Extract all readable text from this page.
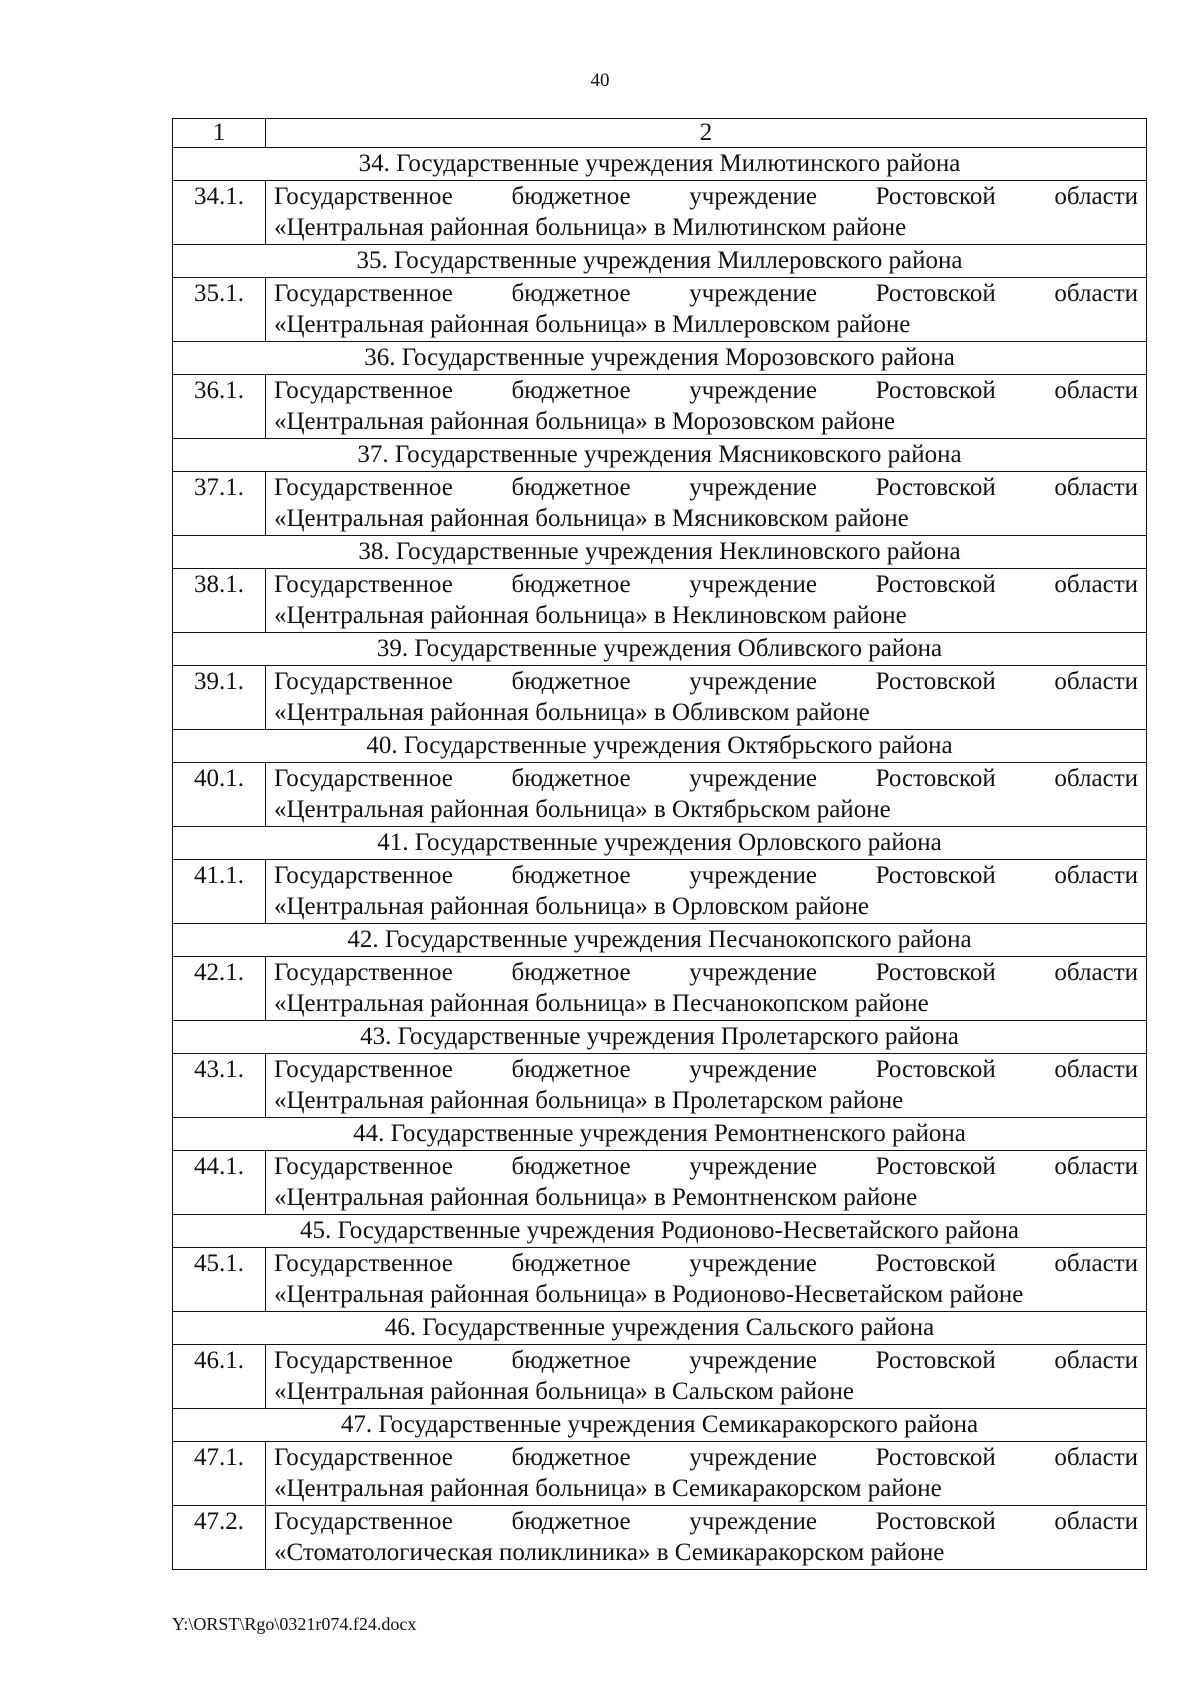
40
1	2
34. Государственные учреждения Милютинского района	
34.1.	Государственное бюджетное учреждение Ростовской области
«Центральная районная больница» в Милютинском районе

35. Государственные учреждения Миллеровского района	
35.1.	Государственное бюджетное учреждение Ростовской области
«Центральная районная больница» в Миллеровском районе

36. Государственные учреждения Морозовского района	
36.1.	Государственное бюджетное учреждение Ростовской области
«Центральная районная больница» в Морозовском районе

37. Государственные учреждения Мясниковского района	
37.1.	Государственное бюджетное учреждение Ростовской области
«Центральная районная больница» в Мясниковском районе

38. Государственные учреждения Неклиновского района	
38.1.	Государственное бюджетное учреждение Ростовской области
«Центральная районная больница» в Неклиновском районе

39. Государственные учреждения Обливского района	
39.1.	Государственное бюджетное учреждение Ростовской области
«Центральная районная больница» в Обливском районе

40. Государственные учреждения Октябрьского района	
40.1.	Государственное бюджетное учреждение Ростовской области
«Центральная районная больница» в Октябрьском районе

41. Государственные учреждения Орловского района	
41.1.	Государственное бюджетное учреждение Ростовской области
«Центральная районная больница» в Орловском районе

42. Государственные учреждения Песчанокопского района	
42.1.	Государственное бюджетное учреждение Ростовской области
«Центральная районная больница» в Песчанокопском районе

43. Государственные учреждения Пролетарского района	
43.1.	Государственное бюджетное учреждение Ростовской области
«Центральная районная больница» в Пролетарском районе

44. Государственные учреждения Ремонтненского района	
44.1.	Государственное бюджетное учреждение Ростовской области
«Центральная районная больница» в Ремонтненском районе

45. Государственные учреждения Родионово-Несветайского района	
45.1.	Государственное бюджетное учреждение Ростовской области
«Центральная районная больница» в Родионово-Несветайском районе

46. Государственные учреждения Сальского района	
46.1.	Государственное бюджетное учреждение Ростовской области
«Центральная районная больница» в Сальском районе

47. Государственные учреждения Семикаракорского района	
47.1.	Государственное бюджетное учреждение Ростовской области
«Центральная районная больница» в Семикаракорском районе

47.2.	Государственное бюджетное учреждение Ростовской области
«Стоматологическая поликлиника» в Семикаракорском районе
Y:\ORST\Rgo\0321r074.f24.docx
